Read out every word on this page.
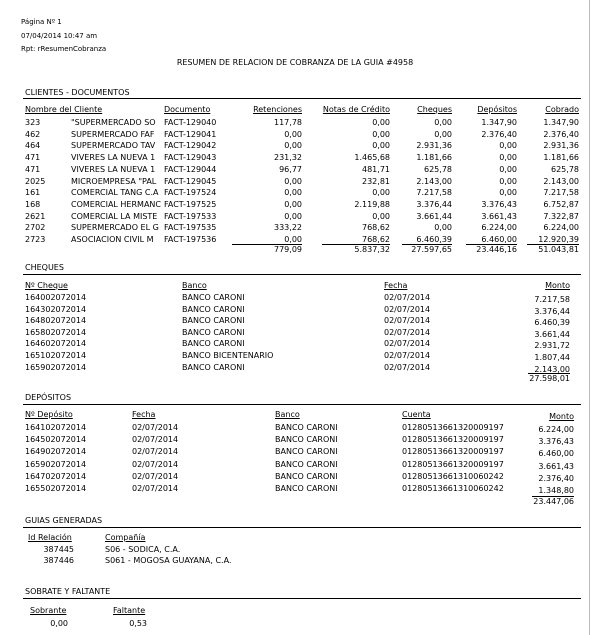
Página Nº 1
07/04/2014 10:47 am
Rpt: rResumenCobranza
RESUMEN DE RELACION DE COBRANZA DE LA GUIA #4958
CLIENTES - DOCUMENTOS
Nombre del Cliente	Documento	Retenciones	Notas de Crédito	Cheques	Depósitos	Cobrado
323	"SUPERMERCADO SO	FACT-129040	117,78	0,00	0,00	1.347,90	1.347,90
462	SUPERMERCADO FAF	FACT-129041	0,00	0,00	0,00	2.376,40	2.376,40
464	SUPERMERCADO TAV	FACT-129042	0,00	0,00	2.931,36	0,00	2.931,36
471	VIVERES LA NUEVA 1	FACT-129043	231,32	1.465,68	1.181,66	0,00	1.181,66
471	VIVERES LA NUEVA 1	FACT-129044	96,77	481,71	625,78	0,00	625,78
2025	MICROEMPRESA "PAL FACT-129045	0,00	232,81	2.143,00	0,00	2.143,00
161	COMERCIAL TANG C.A FACT-197524	0,00	0,00	7.217,58	0,00	7.217,58
168	COMERCIAL HERMANC FACT-197525	0,00	2.119,88	3.376,44	3.376,43	6.752,87
2621	COMERCIAL LA MISTE FACT-197533	0,00	0,00	3.661,44	3.661,43	7.322,87
2702	SUPERMERCADO EL G FACT-197535	333,22	768,62	0,00	6.224,00	6.224,00
2723	ASOCIACION CIVIL M	FACT-197536	0,00	768,62	6.460,39	6.460,00	12.920,39
779,09	5.837,32	27.597,65	23.446,16	51.043,81
CHEQUES
Nº Cheque	Banco	Fecha	Monto
164002072014	BANCO CARONI	02/07/2014	7.217,58
164302072014	BANCO CARONI	02/07/2014	3.376,44
164802072014	BANCO CARONI	02/07/2014	6.460,39
165802072014	BANCO CARONI	02/07/2014	3.661,44
164602072014	BANCO CARONI	02/07/2014	2.931,72
165102072014	BANCO BICENTENARIO	02/07/2014	1.807,44
165902072014	BANCO CARONI	02/07/2014	2.143,00
27.598,01
DEPÓSITOS
Nº Depósito	Fecha	Banco	Cuenta	Monto
164102072014	02/07/2014	BANCO CARONI	01280513661320009197	6.224,00
164502072014	02/07/2014	BANCO CARONI	01280513661320009197	3.376,43
164902072014	02/07/2014	BANCO CARONI	01280513661320009197	6.460,00
165902072014	02/07/2014	BANCO CARONI	01280513661320009197	3.661,43
164702072014	02/07/2014	BANCO CARONI	01280513661310060242	2.376,40
165502072014	02/07/2014	BANCO CARONI	01280513661310060242	1.348,80
23.447,06
GUIAS GENERADAS
Id Relación	Compañía
387445	S06 - SODICA, C.A.
387446	S061 - MOGOSA GUAYANA, C.A.
SOBRATE Y FALTANTE
Sobrante	Faltante
0,00	0,53
